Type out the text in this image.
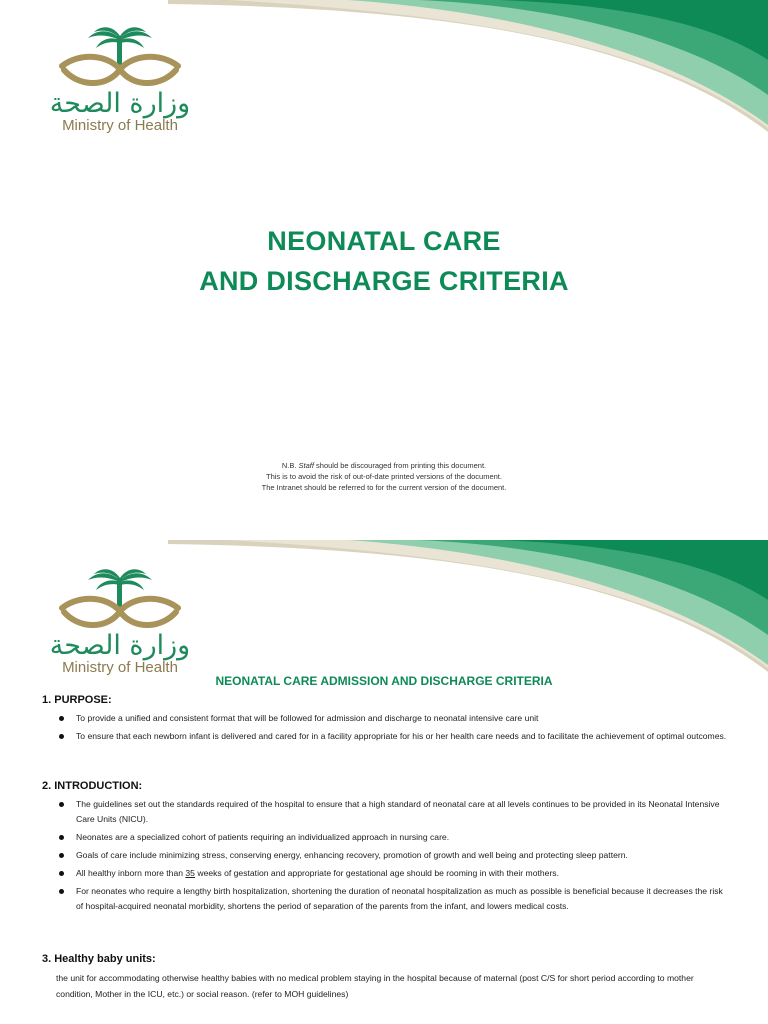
وزارة الصحة
Ministry of Health
NEONATAL CARE
AND DISCHARGE CRITERIA
N.B. Staff should be discouraged from printing this document.
This is to avoid the risk of out-of-date printed versions of the document.
The Intranet should be referred to for the current version of the document.
وزارة الصحة
Ministry of Health
NEONATAL CARE ADMISSION AND DISCHARGE CRITERIA
1. PURPOSE:
To provide a unified and consistent format that will be followed for admission and discharge to neonatal intensive care unit
To ensure that each newborn infant is delivered and cared for in a facility appropriate for his or her health care needs and to facilitate the achievement of optimal outcomes.
2. INTRODUCTION:
The guidelines set out the standards required of the hospital to ensure that a high standard of neonatal care at all levels continues to be provided in its Neonatal Intensive Care Units (NICU).
Neonates are a specialized cohort of patients requiring an individualized approach in nursing care.
Goals of care include minimizing stress, conserving energy, enhancing recovery, promotion of growth and well being and protecting sleep pattern.
All healthy inborn more than 35 weeks of gestation and appropriate for gestational age should be rooming in with their mothers.
For neonates who require a lengthy birth hospitalization, shortening the duration of neonatal hospitalization as much as possible is beneficial because it decreases the risk of hospital-acquired neonatal morbidity, shortens the period of separation of the parents from the infant, and lowers medical costs.
3. Healthy baby units:
the unit for accommodating otherwise healthy babies with no medical problem staying in the hospital because of maternal (post C/S for short period according to mother condition, Mother in the ICU, etc.) or social reason. (refer to MOH guidelines)
